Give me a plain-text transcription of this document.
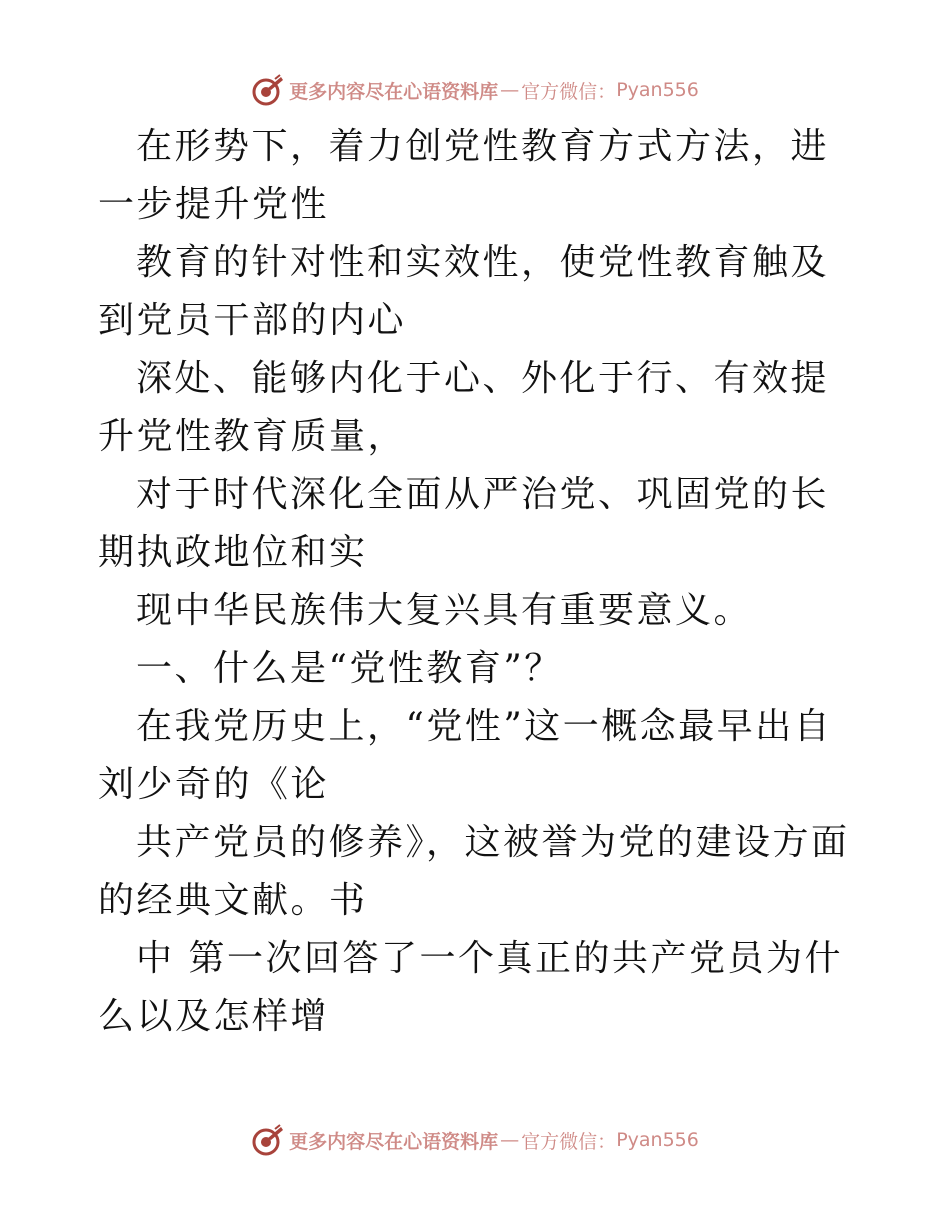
更多内容尽在心语资料库 — 官方微信： Pyan556

在形势下，着力创党性教育方式方法，进一步提升党性

教育的针对性和实效性，使党性教育触及到党员干部的内心

深处、能够内化于心、外化于行、有效提升党性教育质量，

对于时代深化全面从严治党、巩固党的长期执政地位和实

现中华民族伟大复兴具有重要意义。

一、什么是“党性教育”？

在我党历史上，“党性”这一概念最早出自刘少奇的《论

共产党员的修养》，这被誉为党的建设方面的经典文献。书

中 第一次回答了一个真正的共产党员为什么以及怎样增

更多内容尽在心语资料库 — 官方微信： Pyan556
